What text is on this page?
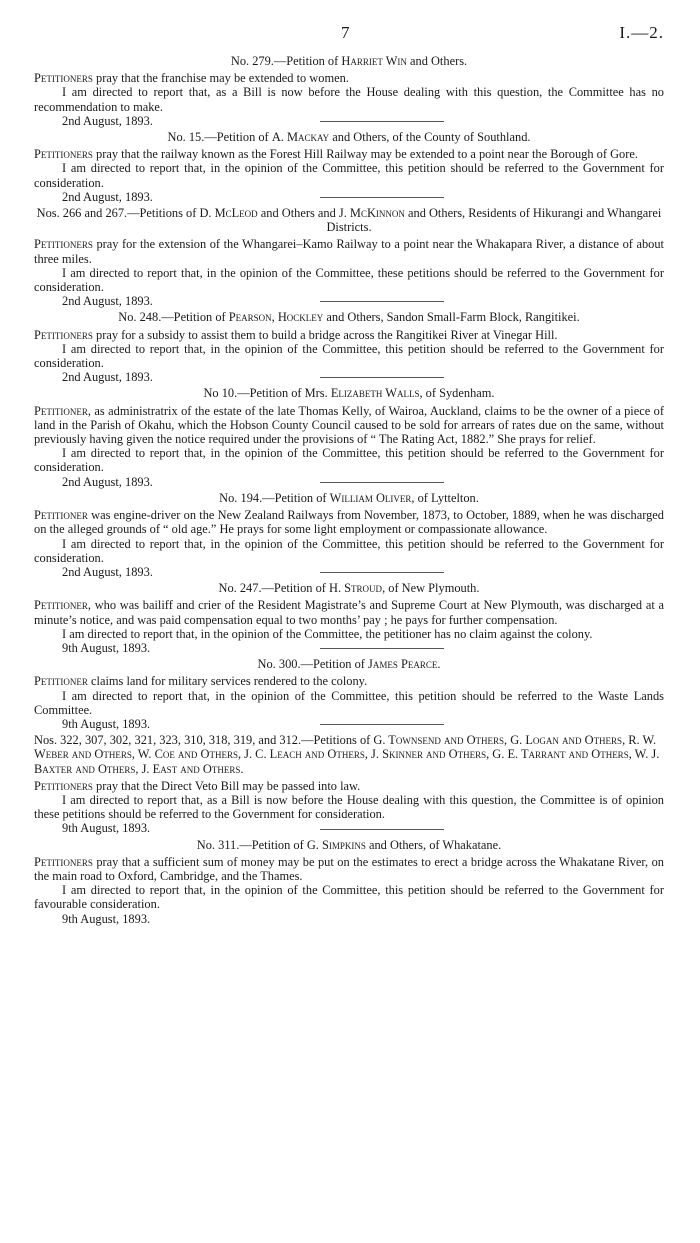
7	I.—2.

No. 279.—Petition of Harriet Win and Others.

Petitioners pray that the franchise may be extended to women.

I am directed to report that, as a Bill is now before the House dealing with this question, the Committee has no recommendation to make.

2nd August, 1893.

No. 15.—Petition of A. Mackay and Others, of the County of Southland.

Petitioners pray that the railway known as the Forest Hill Railway may be extended to a point near the Borough of Gore.

I am directed to report that, in the opinion of the Committee, this petition should be referred to the Government for consideration.

2nd August, 1893.

Nos. 266 and 267.—Petitions of D. McLeod and Others and J. McKinnon and Others, Residents of Hikurangi and Whangarei Districts.

Petitioners pray for the extension of the Whangarei–Kamo Railway to a point near the Whakapara River, a distance of about three miles.

I am directed to report that, in the opinion of the Committee, these petitions should be referred to the Government for consideration.

2nd August, 1893.

No. 248.—Petition of Pearson, Hockley and Others, Sandon Small-Farm Block, Rangitikei.

Petitioners pray for a subsidy to assist them to build a bridge across the Rangitikei River at Vinegar Hill.

I am directed to report that, in the opinion of the Committee, this petition should be referred to the Government for consideration.

2nd August, 1893.

No 10.—Petition of Mrs. Elizabeth Walls, of Sydenham.

Petitioner, as administratrix of the estate of the late Thomas Kelly, of Wairoa, Auckland, claims to be the owner of a piece of land in the Parish of Okahu, which the Hobson County Council caused to be sold for arrears of rates due on the same, without previously having given the notice required under the provisions of “ The Rating Act, 1882.” She prays for relief.

I am directed to report that, in the opinion of the Committee, this petition should be referred to the Government for consideration.

2nd August, 1893.

No. 194.—Petition of William Oliver, of Lyttelton.

Petitioner was engine-driver on the New Zealand Railways from November, 1873, to October, 1889, when he was discharged on the alleged grounds of “ old age.” He prays for some light employment or compassionate allowance.

I am directed to report that, in the opinion of the Committee, this petition should be referred to the Government for consideration.

2nd August, 1893.

No. 247.—Petition of H. Stroud, of New Plymouth.

Petitioner, who was bailiff and crier of the Resident Magistrate’s and Supreme Court at New Plymouth, was discharged at a minute’s notice, and was paid compensation equal to two months’ pay ; he pays for further compensation.

I am directed to report that, in the opinion of the Committee, the petitioner has no claim against the colony.

9th August, 1893.

No. 300.—Petition of James Pearce.

Petitioner claims land for military services rendered to the colony.

I am directed to report that, in the opinion of the Committee, this petition should be referred to the Waste Lands Committee.

9th August, 1893.

Nos. 322, 307, 302, 321, 323, 310, 318, 319, and 312.—Petitions of G. Townsend and Others, G. Logan and Others, R. W. Weber and Others, W. Coe and Others, J. C. Leach and Others, J. Skinner and Others, G. E. Tarrant and Others, W. J. Baxter and Others, J. East and Others.

Petitioners pray that the Direct Veto Bill may be passed into law.

I am directed to report that, as a Bill is now before the House dealing with this question, the Committee is of opinion these petitions should be referred to the Government for consideration.

9th August, 1893.

No. 311.—Petition of G. Simpkins and Others, of Whakatane.

Petitioners pray that a sufficient sum of money may be put on the estimates to erect a bridge across the Whakatane River, on the main road to Oxford, Cambridge, and the Thames.

I am directed to report that, in the opinion of the Committee, this petition should be referred to the Government for favourable consideration.

9th August, 1893.
